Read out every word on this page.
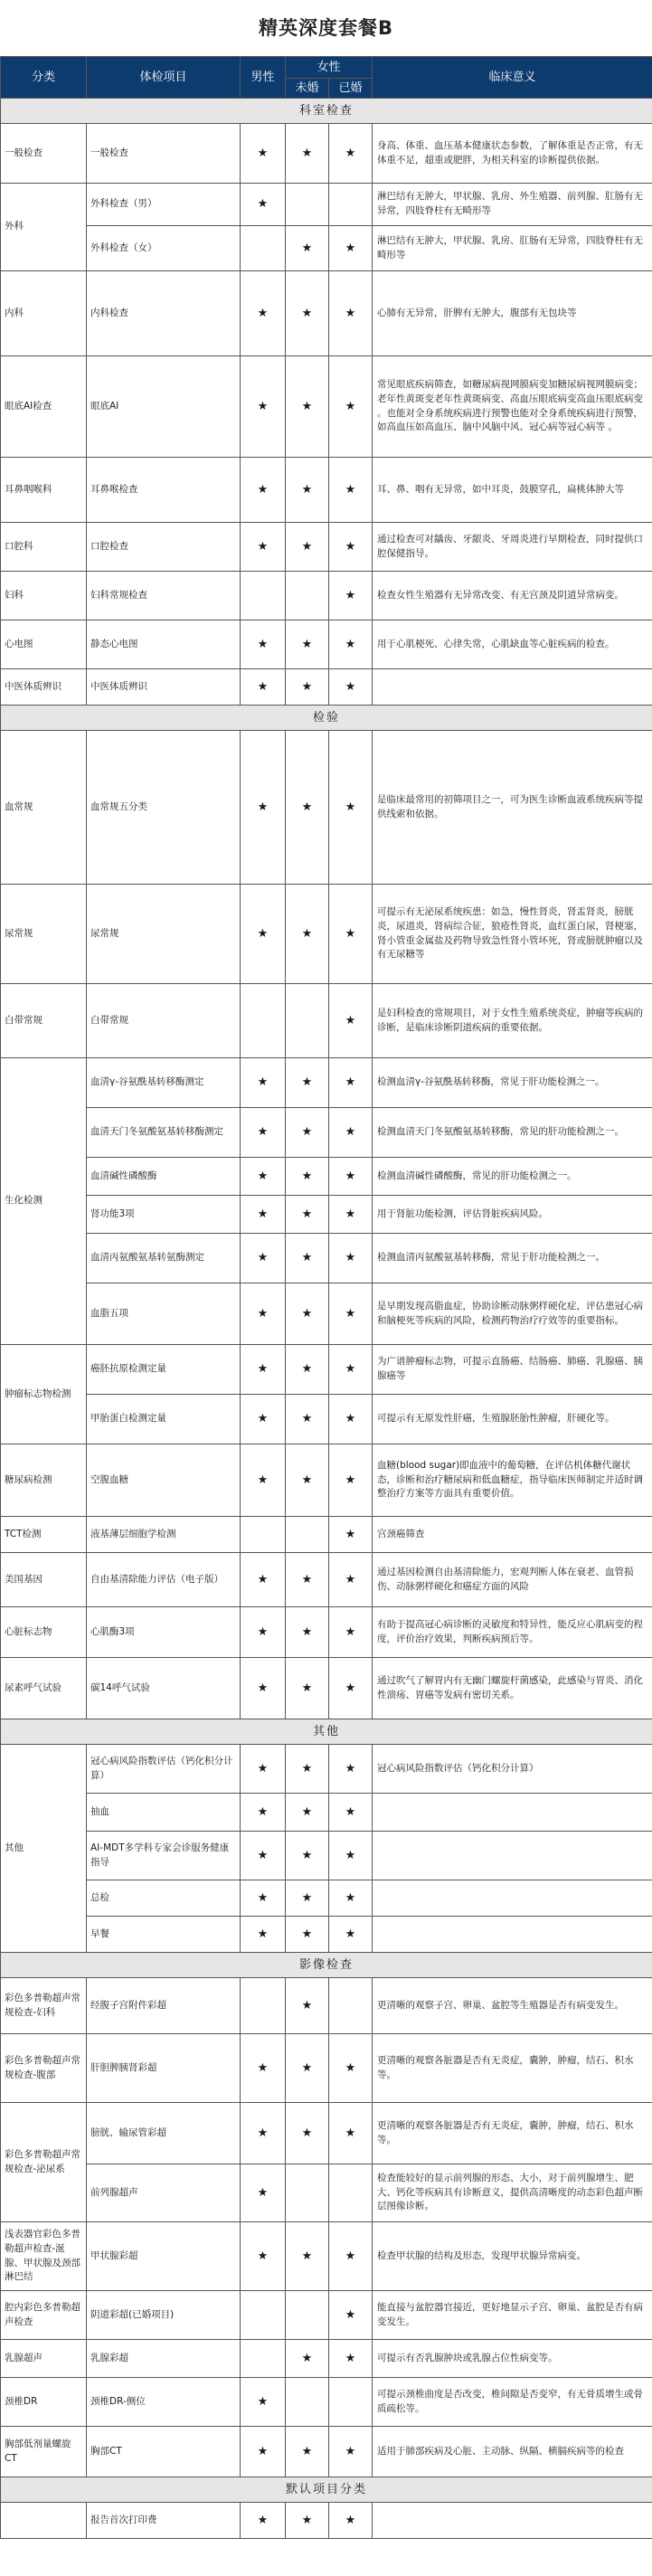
精英深度套餐B
分类	体检项目	男性	女性		临床意义
			未婚	已婚	
科室检查					
一般检查	一般检查	★	★	★	身高、体重、血压基本健康状态参数，了解体重是否正常，有无体重不足，超重或肥胖，为相关科室的诊断提供依据。
外科	外科检查（男）	★			淋巴结有无肿大，甲状腺、乳房、外生殖器、前列腺、肛肠有无异常，四肢脊柱有无畸形等
	外科检查（女）		★	★	淋巴结有无肿大，甲状腺、乳房、肛肠有无异常，四肢脊柱有无畸形等
内科	内科检查	★	★	★	心肺有无异常，肝脾有无肿大，腹部有无包块等
眼底AI检查	眼底AI	★	★	★	常见眼底疾病筛查，如糖尿病视网膜病变加糖尿病视网膜病变；老年性黄斑变老年性黄斑病变、高血压眼底病变高血压眼底病变 。也能对全身系统疾病进行预警也能对全身系统疾病进行预警，如高血压如高血压、脑中风脑中风、冠心病等冠心病等 。
耳鼻咽喉科	耳鼻喉检查	★	★	★	耳、鼻、咽有无异常，如中耳炎，鼓膜穿孔，扁桃体肿大等
口腔科	口腔检查	★	★	★	通过检查可对龋齿、牙龈炎、牙周炎进行早期检查，同时提供口腔保健指导。
妇科	妇科常规检查			★	检查女性生殖器有无异常改变、有无宫颈及阴道异常病变。
心电图	静态心电图	★	★	★	用于心肌梗死、心律失常，心肌缺血等心脏疾病的检查。
中医体质辨识	中医体质辨识	★	★	★	
检验					
血常规	血常规五分类	★	★	★	是临床最常用的初筛项目之一，可为医生诊断血液系统疾病等提供线索和依据。
尿常规	尿常规	★	★	★	可提示有无泌尿系统疾患：如急，慢性肾炎，肾盂肾炎，膀胱炎，尿道炎，肾病综合征，狼疮性肾炎，血红蛋白尿，肾梗塞，肾小管重金属盐及药物导致急性肾小管坏死，肾或膀胱肿瘤以及有无尿糖等
白带常规	白带常规			★	是妇科检查的常规项目，对于女性生殖系统炎症，肿瘤等疾病的诊断，是临床诊断阴道疾病的重要依据。
生化检测	血清γ-谷氨酰基转移酶测定	★	★	★	检测血清γ-谷氨酰基转移酶，常见于肝功能检测之一。
	血清天门冬氨酸氨基转移酶测定	★	★	★	检测血清天门冬氨酸氨基转移酶，常见的肝功能检测之一。
	血清碱性磷酸酶	★	★	★	检测血清碱性磷酸酶，常见的肝功能检测之一。
	肾功能3项	★	★	★	用于肾脏功能检测，评估肾脏疾病风险。
	血清丙氨酸氨基转氨酶测定	★	★	★	检测血清丙氨酸氨基转移酶，常见于肝功能检测之一。
	血脂五项	★	★	★	是早期发现高脂血症，协助诊断动脉粥样硬化症，评估患冠心病和脑梗死等疾病的风险，检测药物治疗疗效等的重要指标。
肿瘤标志物检测	癌胚抗原检测定量	★	★	★	为广谱肿瘤标志物，可提示直肠癌、结肠癌、肺癌、乳腺癌、胰腺癌等
	甲胎蛋白检测定量	★	★	★	可提示有无原发性肝癌，生殖腺胚胎性肿瘤，肝硬化等。
糖尿病检测	空腹血糖	★	★	★	血糖(blood sugar)即血液中的葡萄糖，在评估机体糖代谢状态，诊断和治疗糖尿病和低血糖症，指导临床医师制定并适时调整治疗方案等方面具有重要价值。
TCT检测	液基薄层细胞学检测			★	宫颈癌筛查
美国基因	自由基清除能力评估（电子版）	★	★	★	通过基因检测自由基清除能力，宏观判断人体在衰老、血管损伤、动脉粥样硬化和癌症方面的风险
心脏标志物	心肌酶3项	★	★	★	有助于提高冠心病诊断的灵敏度和特异性，能反应心肌病变的程度，评价治疗效果，判断疾病预后等。
尿素呼气试验	碳14呼气试验	★	★	★	通过吹气了解胃内有无幽门螺旋杆菌感染，此感染与胃炎、消化性溃疡、胃癌等发病有密切关系。
其他					
其他	冠心病风险指数评估（钙化积分计算）	★	★	★	冠心病风险指数评估（钙化积分计算）
	抽血	★	★	★	
	AI-MDT多学科专家会诊服务健康指导	★	★	★	
	总检	★	★	★	
	早餐	★	★	★	
影像检查					
彩色多普勒超声常规检查-妇科	经腹子宫附件彩超		★		更清晰的观察子宫、卵巢、盆腔等生殖器是否有病变发生。
彩色多普勒超声常规检查-腹部	肝胆脾胰肾彩超	★	★	★	更清晰的观察各脏器是否有无炎症，囊肿，肿瘤，结石、积水等。
彩色多普勒超声常规检查-泌尿系	膀胱、输尿管彩超	★	★	★	更清晰的观察各脏器是否有无炎症，囊肿，肿瘤，结石、积水等。
	前列腺超声	★			检查能较好的显示前列腺的形态、大小，对于前列腺增生、肥大、钙化等疾病具有诊断意义，提供高清晰度的动态彩色超声断层图像诊断。
浅表器官彩色多普勒超声检查-涎腺、甲状腺及颈部淋巴结	甲状腺彩超	★	★	★	检查甲状腺的结构及形态，发现甲状腺异常病变。
腔内彩色多普勒超声检查	阴道彩超(已婚项目)			★	能直接与盆腔器官接近，更好地显示子宫、卵巢、盆腔是否有病变发生。
乳腺超声	乳腺彩超		★	★	可提示有否乳腺肿块或乳腺占位性病变等。
颈椎DR	颈椎DR-侧位	★			可提示颈椎曲度是否改变，椎间隙是否变窄，有无骨质增生或骨质疏松等。
胸部低剂量螺旋CT	胸部CT	★	★	★	适用于肺部疾病及心脏、主动脉、纵隔、横膈疾病等的检查
默认项目分类					
	报告首次打印费	★	★	★	
